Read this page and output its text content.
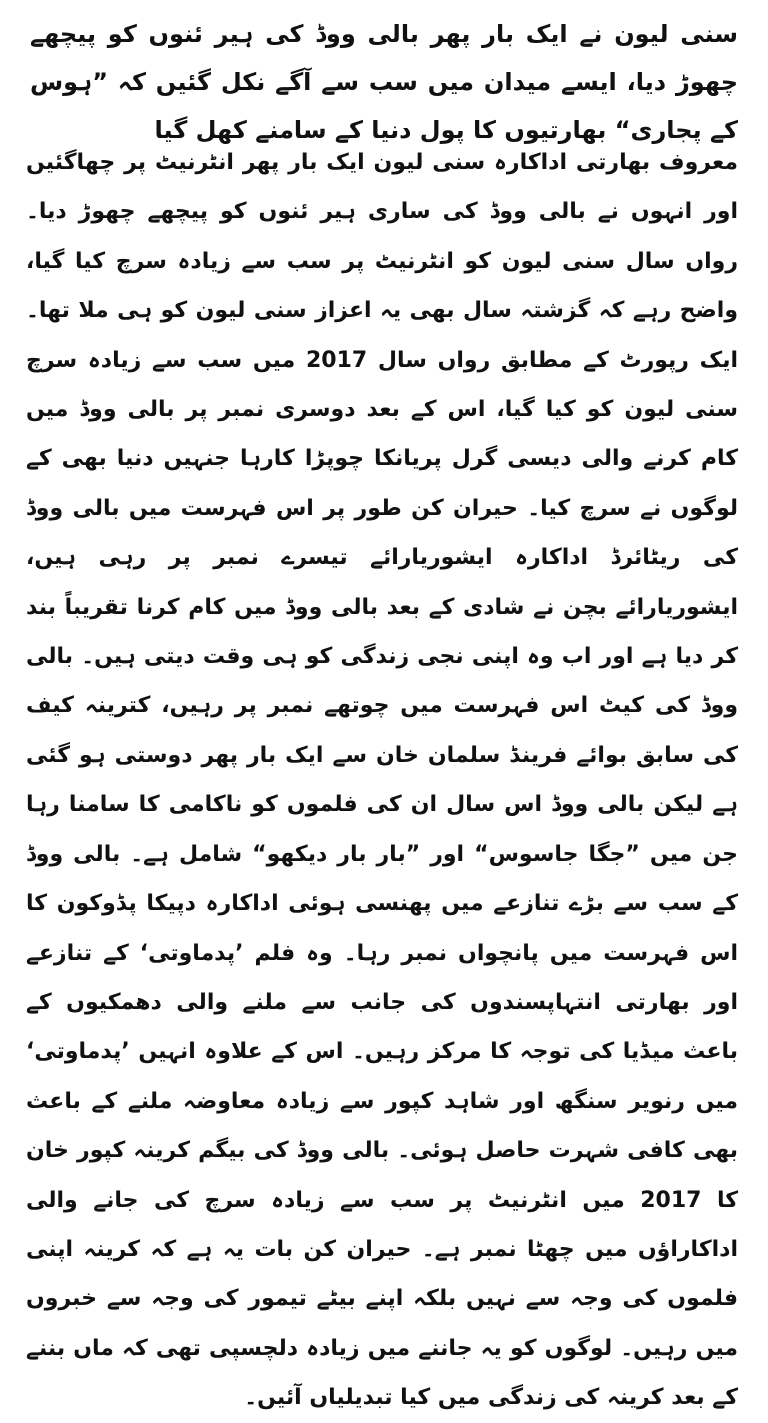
سنی لیون نے ایک بار پھر بالی ووڈ کی ہیر ئنوں کو پیچھے چھوڑ دیا، ایسے میدان میں سب سے آگے نکل گئیں کہ ”ہوس کے پجاری“ بھارتیوں کا پول دنیا کے سامنے کھل گیا

معروف بھارتی اداکارہ سنی لیون ایک بار پھر انٹرنیٹ پر چھاگئیں اور انہوں نے بالی ووڈ کی ساری ہیر ئنوں کو پیچھے چھوڑ دیا۔ رواں سال سنی لیون کو انٹرنیٹ پر سب سے زیادہ سرچ کیا گیا، واضح رہے کہ گزشتہ سال بھی یہ اعزاز سنی لیون کو ہی ملا تھا۔ ایک رپورٹ کے مطابق رواں سال 2017 میں سب سے زیادہ سرچ سنی لیون کو کیا گیا، اس کے بعد دوسری نمبر پر بالی ووڈ میں کام کرنے والی دیسی گرل پریانکا چوپڑا کارہا جنہیں دنیا بھی کے لوگوں نے سرچ کیا۔ حیران کن طور پر اس فہرست میں بالی ووڈ کی ریٹائرڈ اداکارہ ایشوریارائے تیسرے نمبر پر رہی ہیں، ایشوریارائے بچن نے شادی کے بعد بالی ووڈ میں کام کرنا تقریباً بند کر دیا ہے اور اب وہ اپنی نجی زندگی کو ہی وقت دیتی ہیں۔ بالی ووڈ کی کیٹ اس فہرست میں چوتھے نمبر پر رہیں، کترینہ کیف کی سابق بوائے فرینڈ سلمان خان سے ایک بار پھر دوستی ہو گئی ہے لیکن بالی ووڈ اس سال ان کی فلموں کو ناکامی کا سامنا رہا جن میں ”جگا جاسوس“ اور ”بار بار دیکھو“ شامل ہے۔ بالی ووڈ کے سب سے بڑے تنازعے میں پھنسی ہوئی اداکارہ دپیکا پڈوکون کا اس فہرست میں پانچواں نمبر رہا۔ وہ فلم ’پدماوتی‘ کے تنازعے اور بھارتی انتہاپسندوں کی جانب سے ملنے والی دھمکیوں کے باعث میڈیا کی توجہ کا مرکز رہیں۔ اس کے علاوہ انہیں ’پدماوتی‘ میں رنویر سنگھ اور شاہد کپور سے زیادہ معاوضہ ملنے کے باعث بھی کافی شہرت حاصل ہوئی۔ بالی ووڈ کی بیگم کرینہ کپور خان کا 2017 میں انٹرنیٹ پر سب سے زیادہ سرچ کی جانے والی اداکاراؤں میں چھٹا نمبر ہے۔ حیران کن بات یہ ہے کہ کرینہ اپنی فلموں کی وجہ سے نہیں بلکہ اپنے بیٹے تیمور کی وجہ سے خبروں میں رہیں۔ لوگوں کو یہ جاننے میں زیادہ دلچسپی تھی کہ ماں بننے کے بعد کرینہ کی زندگی میں کیا تبدیلیاں آئیں۔
